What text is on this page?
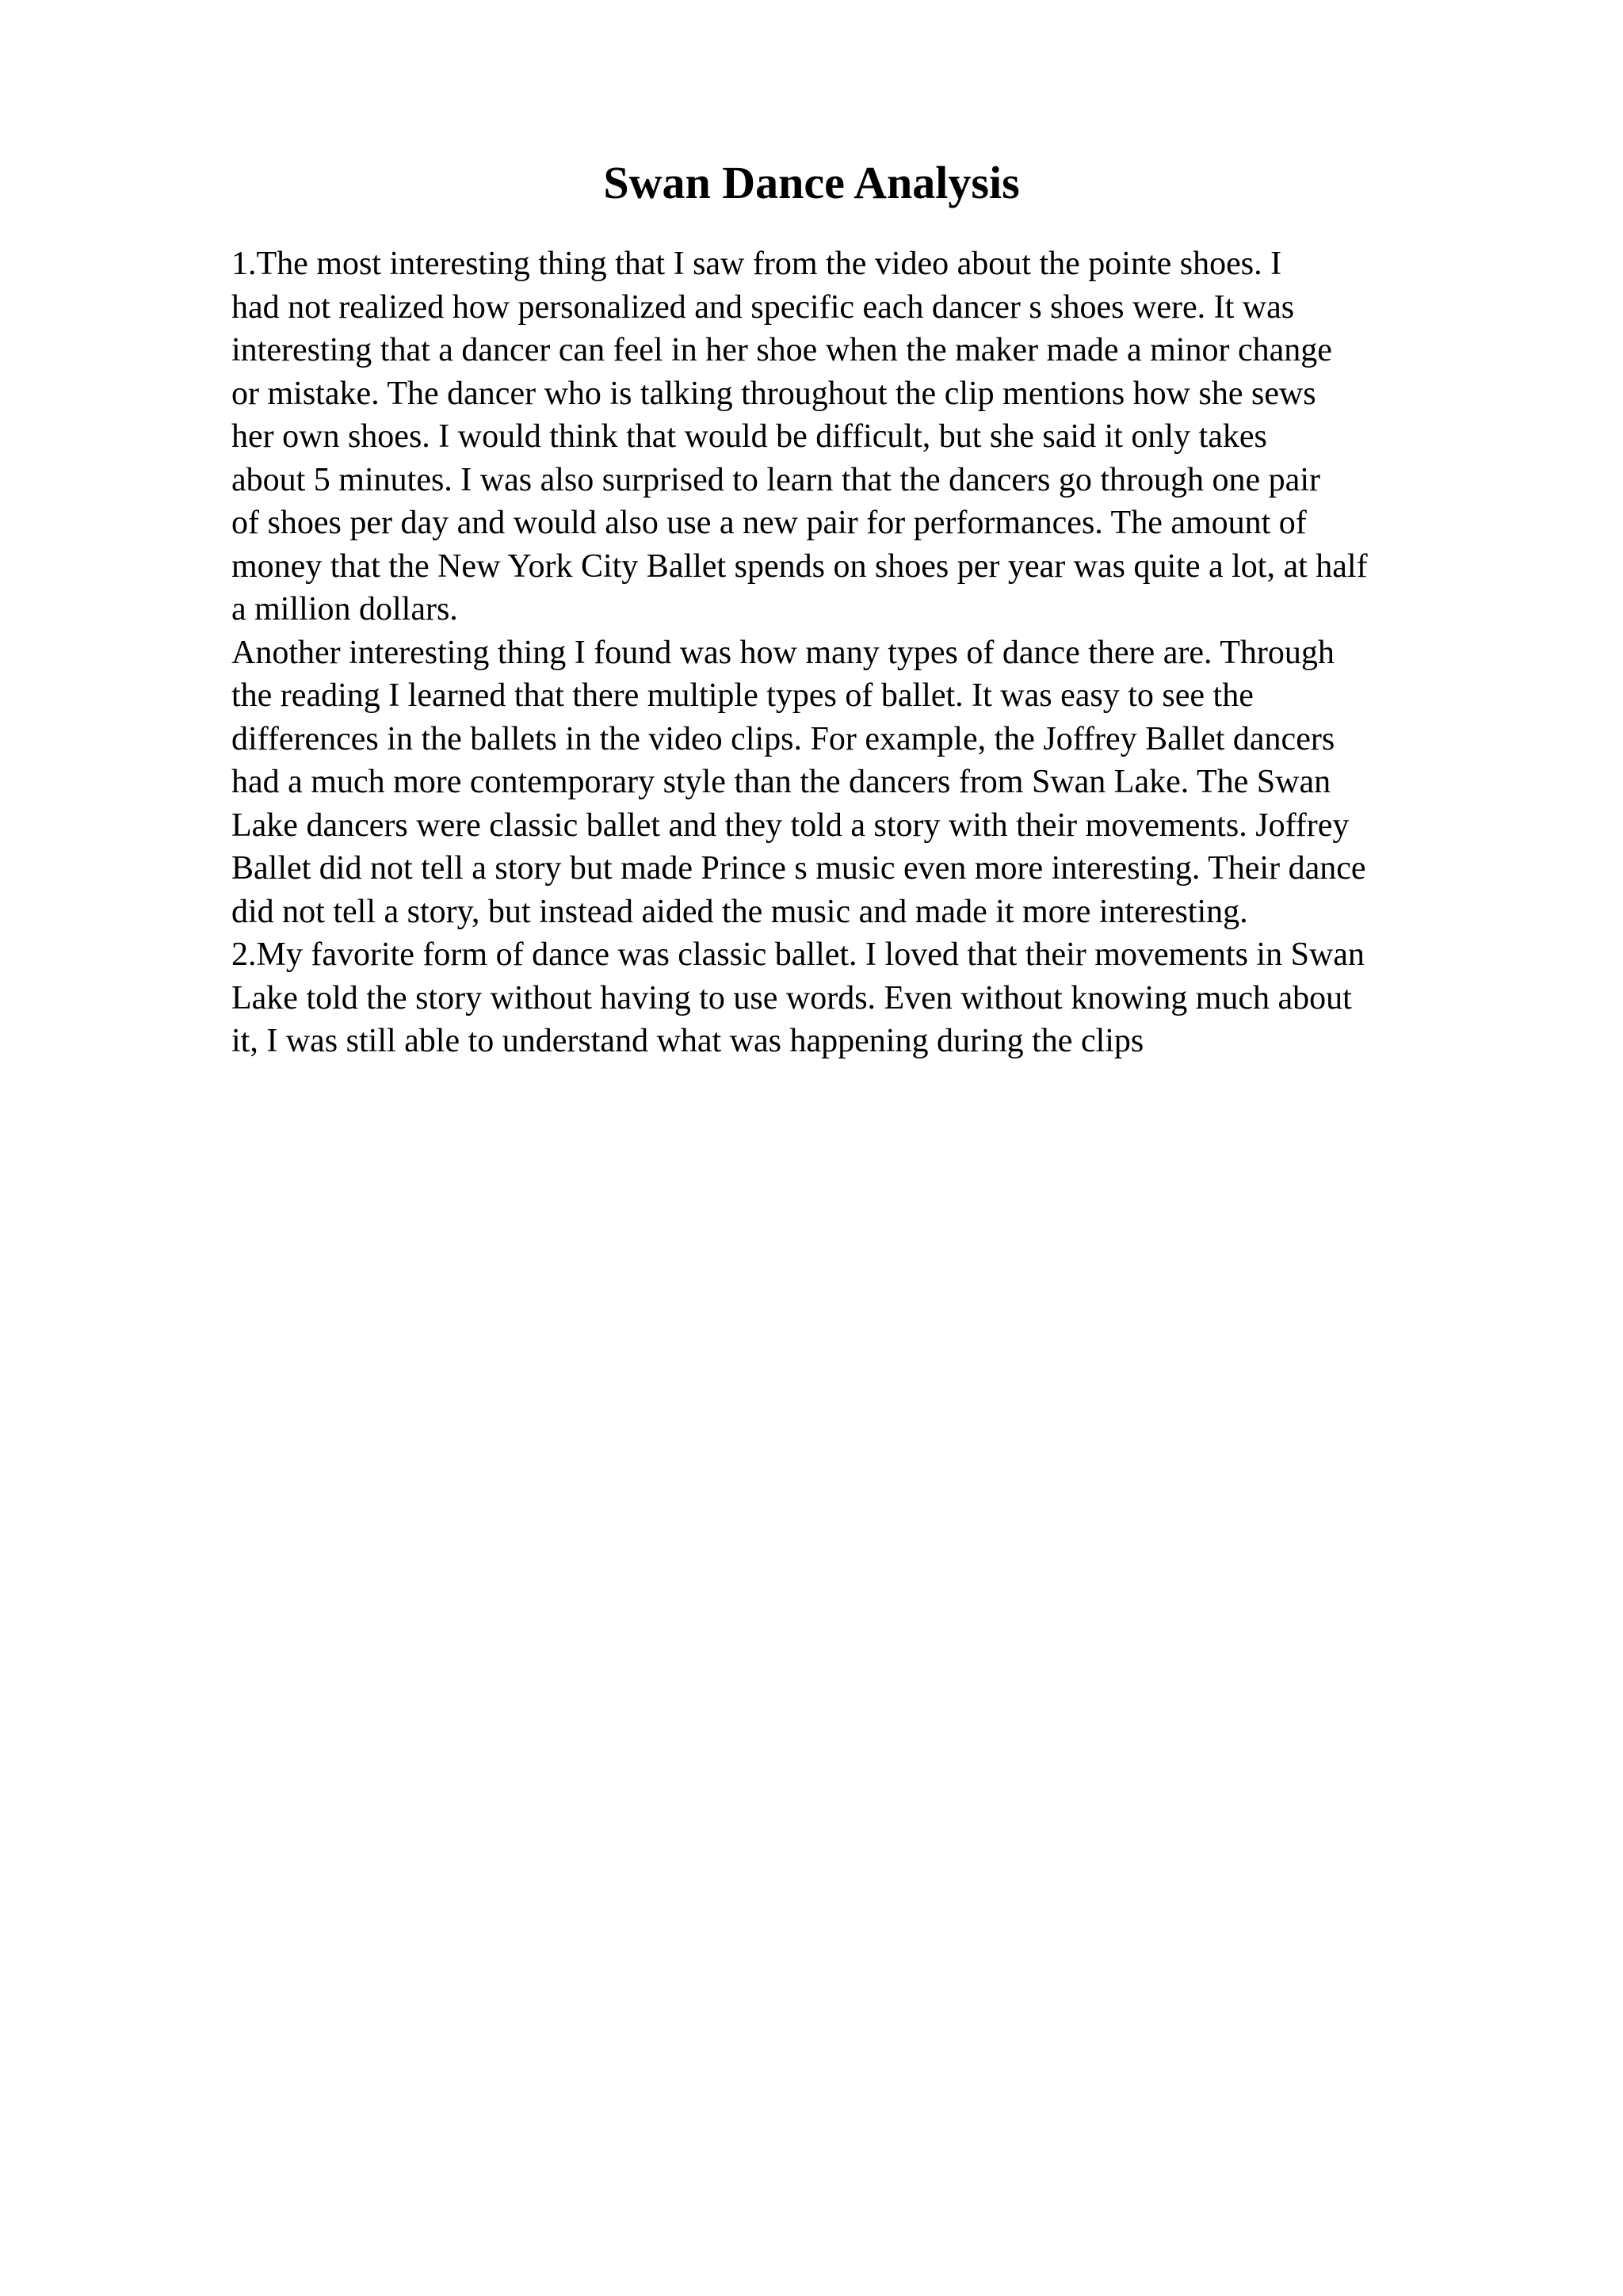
Swan Dance Analysis
1.The most interesting thing that I saw from the video about the pointe shoes. I
had not realized how personalized and specific each dancer s shoes were. It was
interesting that a dancer can feel in her shoe when the maker made a minor change
or mistake. The dancer who is talking throughout the clip mentions how she sews
her own shoes. I would think that would be difficult, but she said it only takes
about 5 minutes. I was also surprised to learn that the dancers go through one pair
of shoes per day and would also use a new pair for performances. The amount of
money that the New York City Ballet spends on shoes per year was quite a lot, at half
a million dollars.
Another interesting thing I found was how many types of dance there are. Through
the reading I learned that there multiple types of ballet. It was easy to see the
differences in the ballets in the video clips. For example, the Joffrey Ballet dancers
had a much more contemporary style than the dancers from Swan Lake. The Swan
Lake dancers were classic ballet and they told a story with their movements. Joffrey
Ballet did not tell a story but made Prince s music even more interesting. Their dance
did not tell a story, but instead aided the music and made it more interesting.
2.My favorite form of dance was classic ballet. I loved that their movements in Swan
Lake told the story without having to use words. Even without knowing much about
it, I was still able to understand what was happening during the clips
